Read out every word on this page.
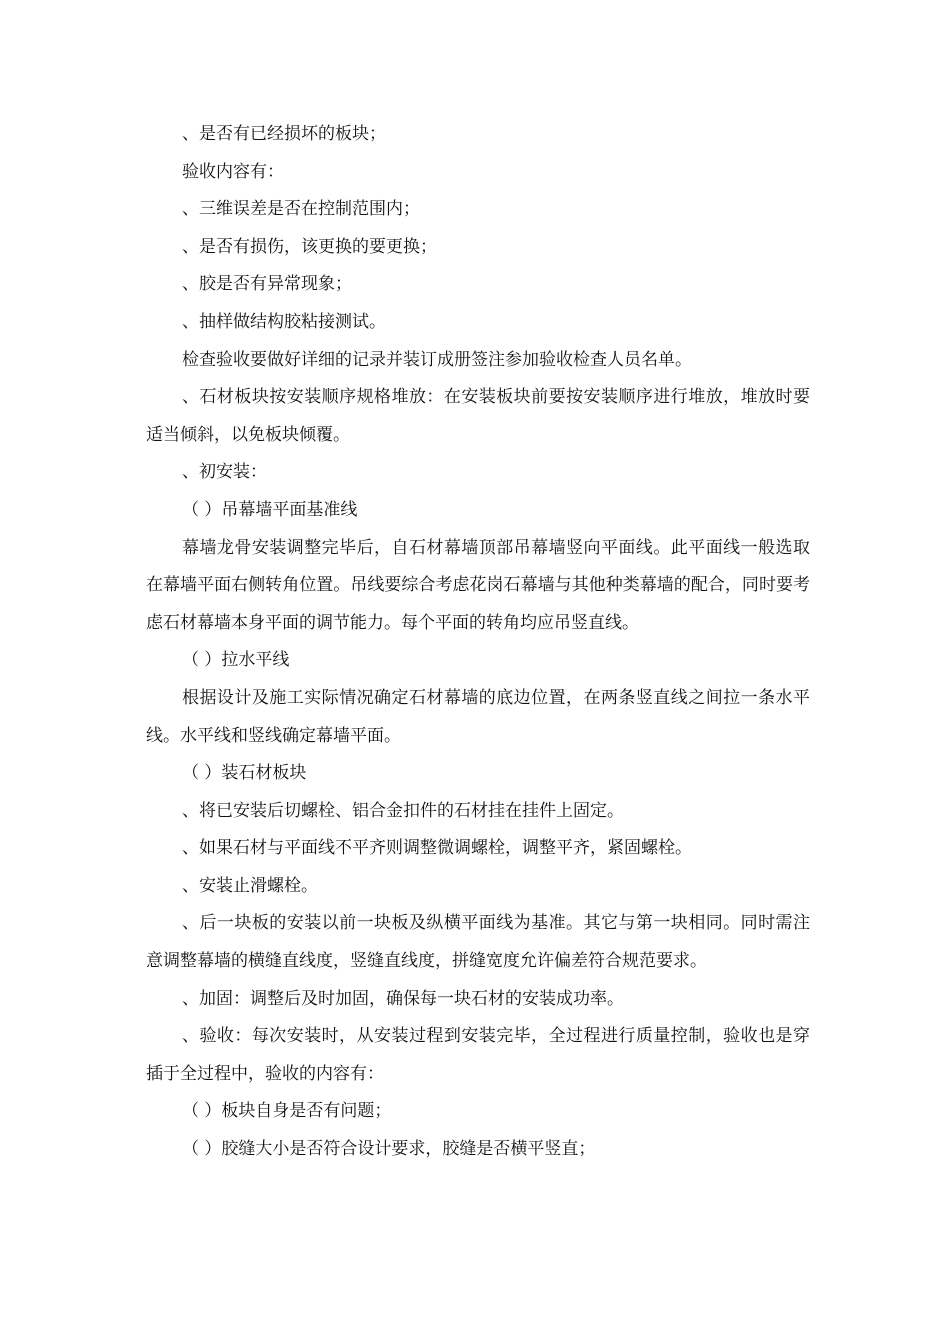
、是否有已经损坏的板块；

验收内容有：

、三维误差是否在控制范围内；

、是否有损伤，该更换的要更换；

、胶是否有异常现象；

、抽样做结构胶粘接测试。

检查验收要做好详细的记录并装订成册签注参加验收检查人员名单。

、石材板块按安装顺序规格堆放：在安装板块前要按安装顺序进行堆放，堆放时要适当倾斜，以免板块倾覆。

、初安装：

（ ）吊幕墙平面基准线

幕墙龙骨安装调整完毕后，自石材幕墙顶部吊幕墙竖向平面线。此平面线一般选取在幕墙平面右侧转角位置。吊线要综合考虑花岗石幕墙与其他种类幕墙的配合，同时要考虑石材幕墙本身平面的调节能力。每个平面的转角均应吊竖直线。

（ ）拉水平线

根据设计及施工实际情况确定石材幕墙的底边位置，在两条竖直线之间拉一条水平线。水平线和竖线确定幕墙平面。

（ ）装石材板块

、将已安装后切螺栓、铝合金扣件的石材挂在挂件上固定。

、如果石材与平面线不平齐则调整微调螺栓，调整平齐，紧固螺栓。

、安装止滑螺栓。

、后一块板的安装以前一块板及纵横平面线为基准。其它与第一块相同。同时需注意调整幕墙的横缝直线度，竖缝直线度，拼缝宽度允许偏差符合规范要求。

、加固：调整后及时加固，确保每一块石材的安装成功率。

、验收：每次安装时，从安装过程到安装完毕，全过程进行质量控制，验收也是穿插于全过程中，验收的内容有：

（ ）板块自身是否有问题；

（ ）胶缝大小是否符合设计要求，胶缝是否横平竖直；
